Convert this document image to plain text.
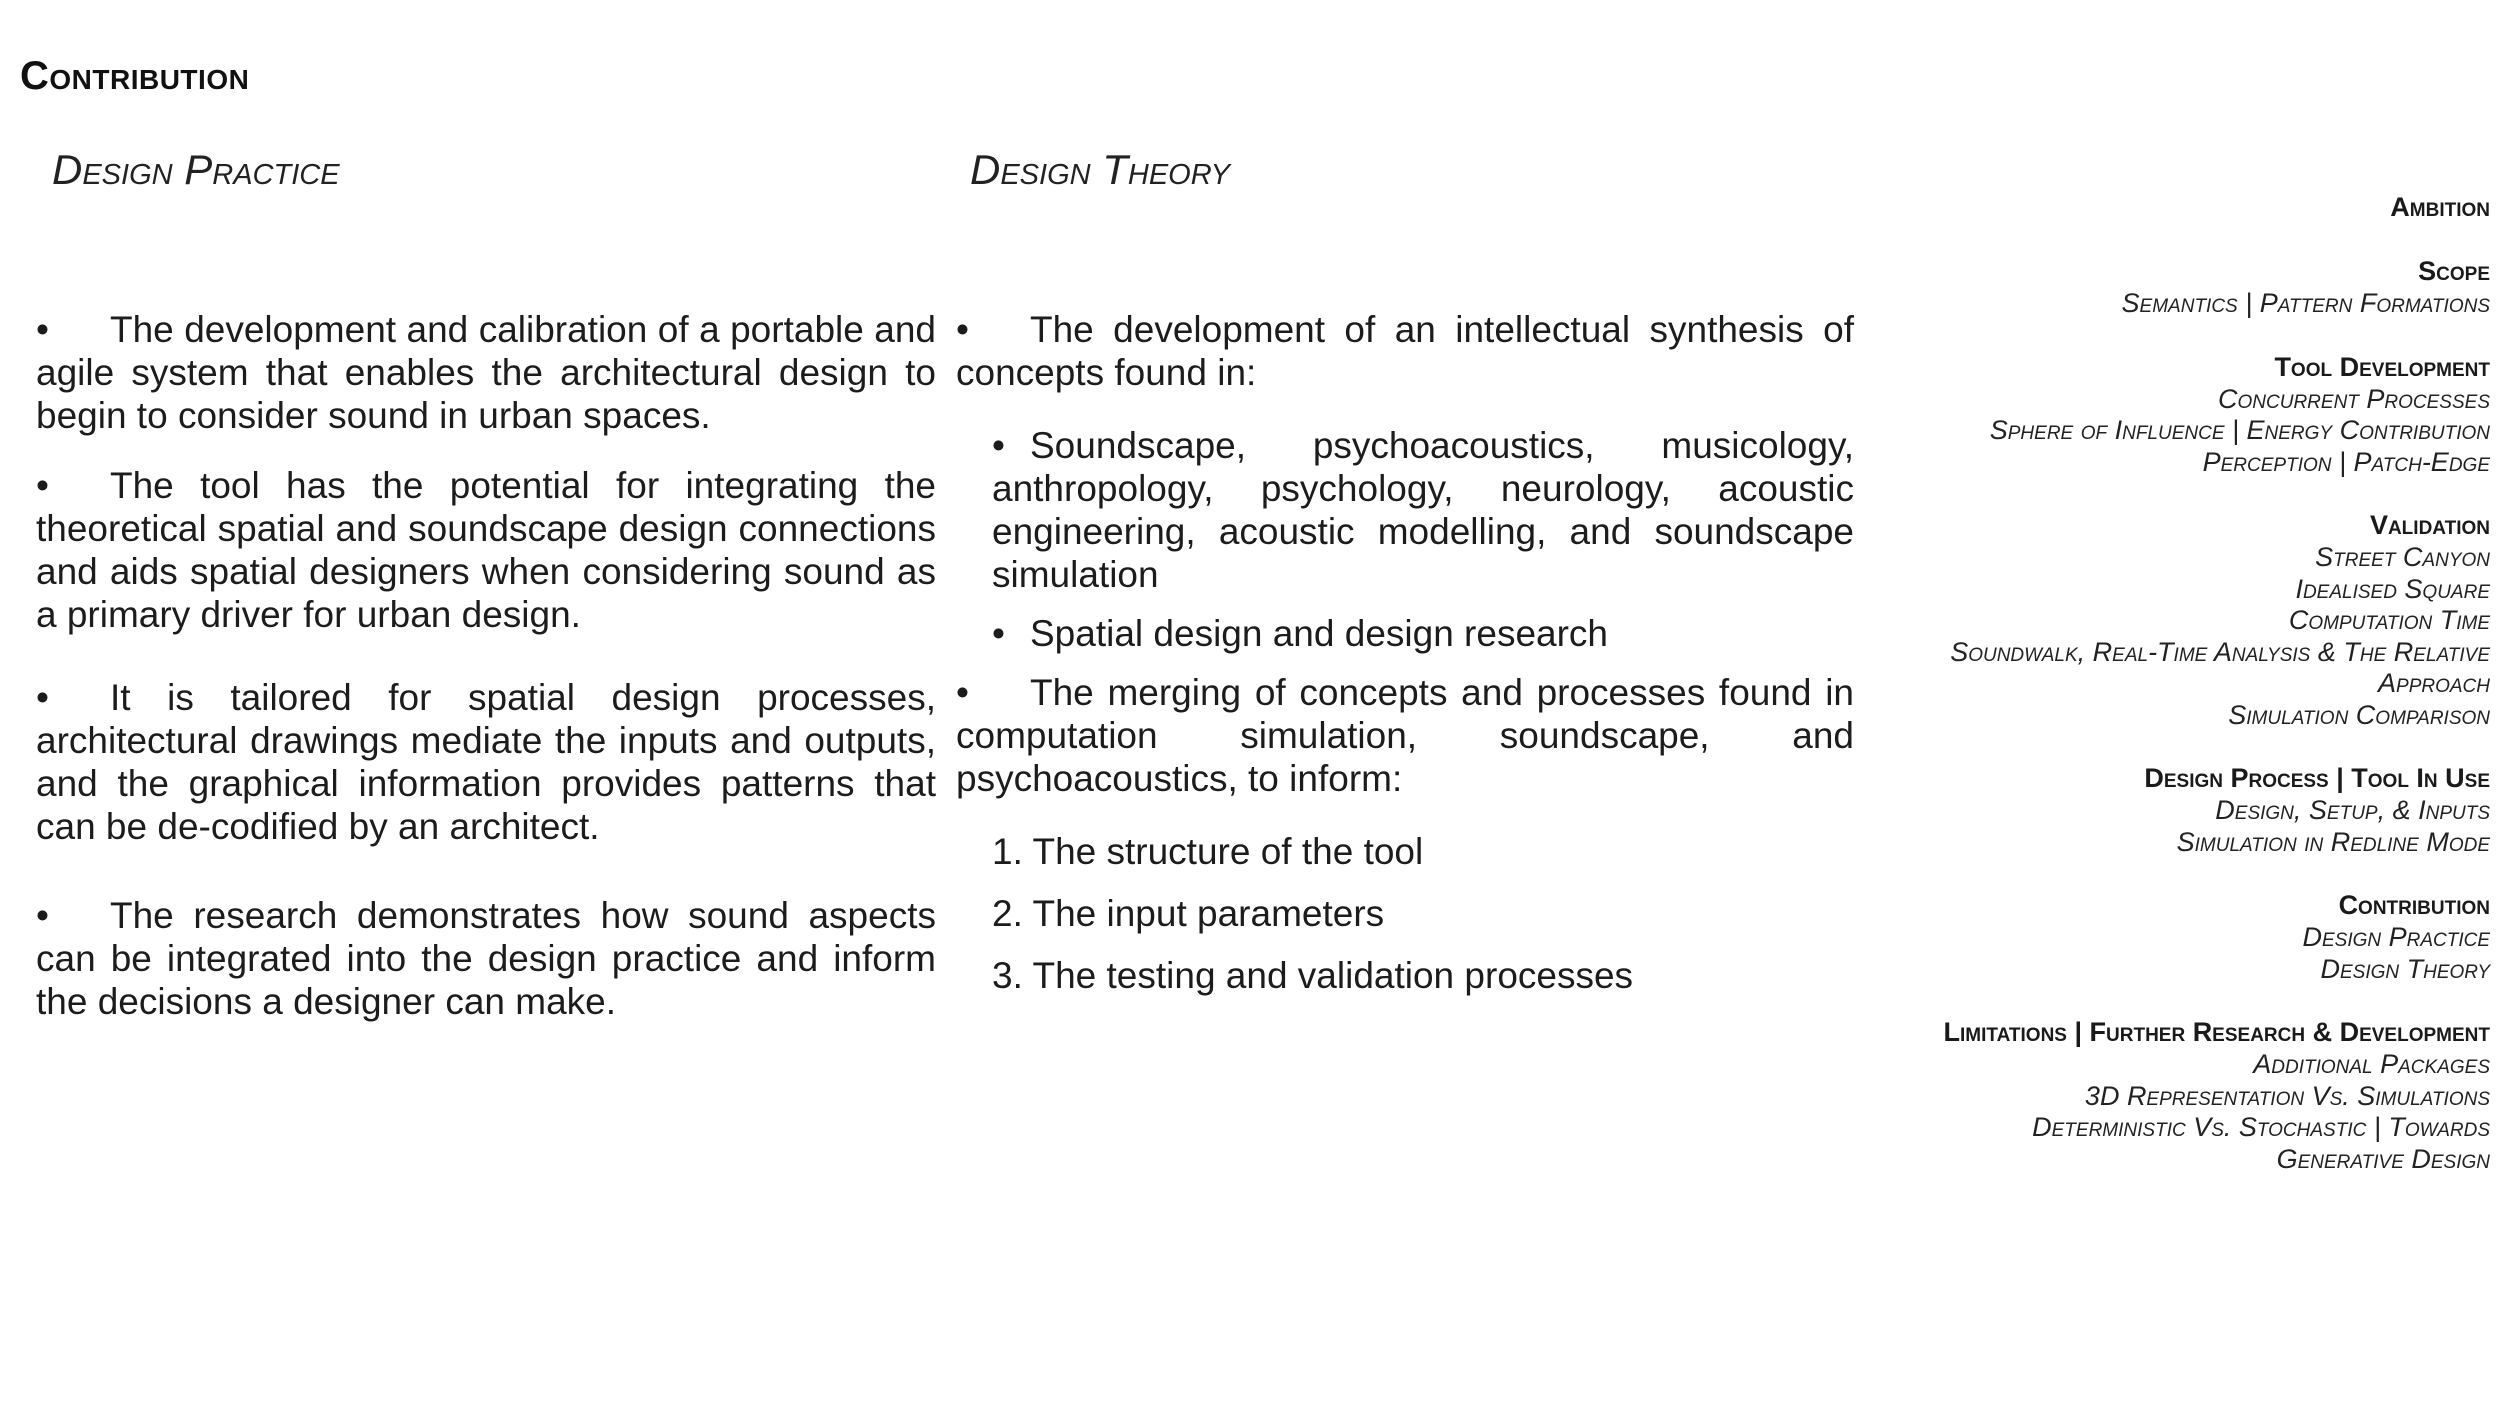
Contribution
Design Practice	Design Theory

• The development and calibration of a portable and agile system that enables the architectural design to begin to consider sound in urban spaces.

• The tool has the potential for integrating the theoretical spatial and soundscape design connections and aids spatial designers when considering sound as a primary driver for urban design.

• It is tailored for spatial design processes, architectural drawings mediate the inputs and outputs, and the graphical information provides patterns that can be de-codified by an architect.

• The research demonstrates how sound aspects can be integrated into the design practice and inform the decisions a designer can make.

• The development of an intellectual synthesis of concepts found in:

• Soundscape, psychoacoustics, musicology, anthropology, psychology, neurology, acoustic engineering, acoustic modelling, and soundscape simulation
• Spatial design and design research

• The merging of concepts and processes found in computation simulation, soundscape, and psychoacoustics, to inform:

1. The structure of the tool
2. The input parameters
3. The testing and validation processes
Ambition
Scope
Semantics | Pattern Formations
Tool Development
Concurrent Processes
Sphere of Influence | Energy Contribution
Perception | Patch-Edge
Validation
Street Canyon
Idealised Square
Computation Time
Soundwalk, Real-Time Analysis & The Relative
Approach
Simulation Comparison
Design Process | Tool In Use
Design, Setup, & Inputs
Simulation in Redline Mode
Contribution
Design Practice
Design Theory
Limitations | Further Research & Development
Additional Packages
3D Representation Vs. Simulations
Deterministic Vs. Stochastic | Towards
Generative Design
